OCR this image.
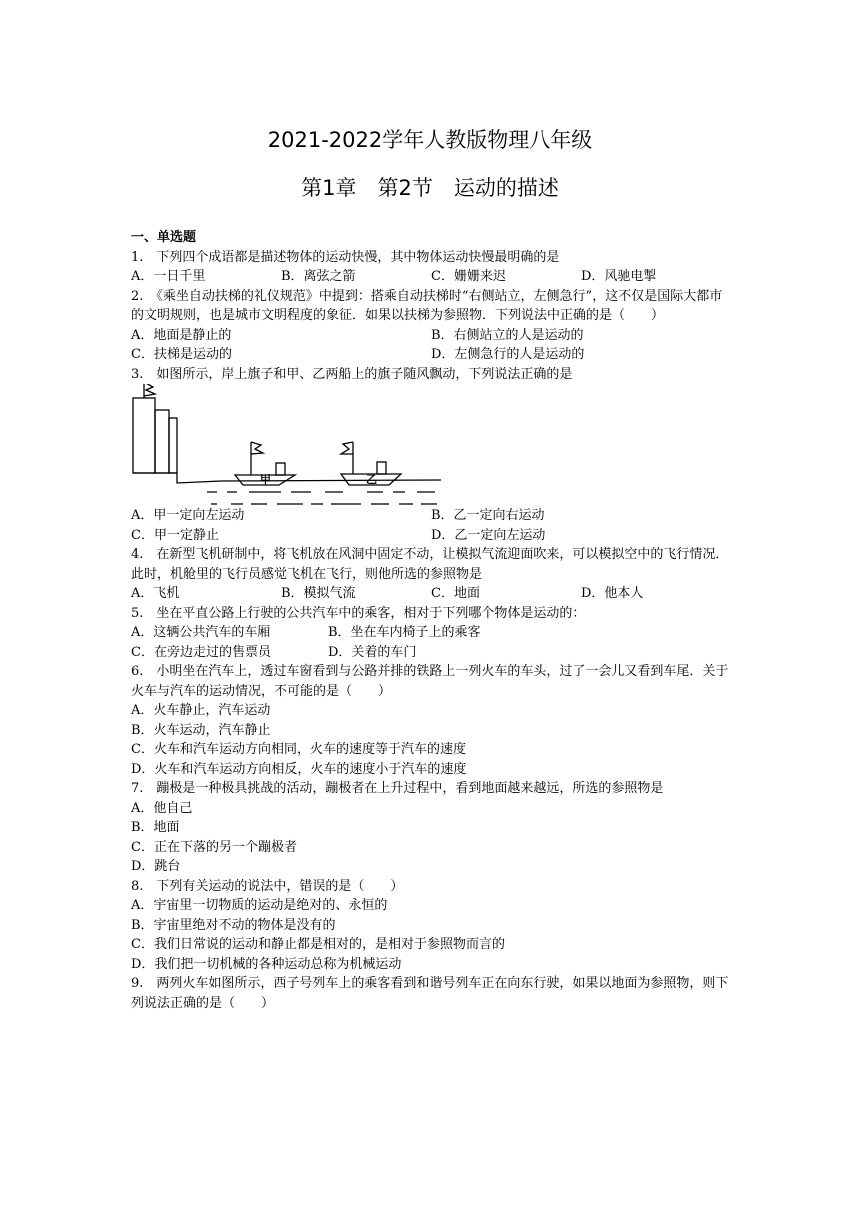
2021-2022学年人教版物理八年级
第1章　第2节　运动的描述
一、单选题

1.　下列四个成语都是描述物体的运动快慢，其中物体运动快慢最明确的是

A．一日千里	B．离弦之箭	C．姗姗来迟	D．风驰电掣

2.　《乘坐自动扶梯的礼仪规范》中提到：搭乘自动扶梯时“右侧站立，左侧急行”，这不仅是国际大都市的文明规则，也是城市文明程度的象征．如果以扶梯为参照物．下列说法中正确的是（　　）

A．地面是静止的	B．右侧站立的人是运动的
C．扶梯是运动的	D．左侧急行的人是运动的

3.　如图所示，岸上旗子和甲、乙两船上的旗子随风飘动，下列说法正确的是

甲	乙
A．甲一定向左运动	B．乙一定向右运动
C．甲一定静止	D．乙一定向左运动

4.　在新型飞机研制中，将飞机放在风洞中固定不动，让模拟气流迎面吹来，可以模拟空中的飞行情况．此时，机舱里的飞行员感觉飞机在飞行，则他所选的参照物是

A．飞机	B．模拟气流	C．地面	D．他本人

5.　坐在平直公路上行驶的公共汽车中的乘客，相对于下列哪个物体是运动的：

A．这辆公共汽车的车厢	B．坐在车内椅子上的乘客
C．在旁边走过的售票员	D．关着的车门

6.　小明坐在汽车上，透过车窗看到与公路并排的铁路上一列火车的车头，过了一会儿又看到车尾．关于火车与汽车的运动情况，不可能的是（　　）

A．火车静止，汽车运动
B．火车运动，汽车静止
C．火车和汽车运动方向相同，火车的速度等于汽车的速度
D．火车和汽车运动方向相反，火车的速度小于汽车的速度

7.　蹦极是一种极具挑战的活动，蹦极者在上升过程中，看到地面越来越远，所选的参照物是

A．他自己
B．地面
C．正在下落的另一个蹦极者
D．跳台

8.　下列有关运动的说法中，错误的是（　　）

A．宇宙里一切物质的运动是绝对的、永恒的
B．宇宙里绝对不动的物体是没有的
C．我们日常说的运动和静止都是相对的，是相对于参照物而言的
D．我们把一切机械的各种运动总称为机械运动

9.　两列火车如图所示，西子号列车上的乘客看到和谐号列车正在向东行驶，如果以地面为参照物，则下列说法正确的是（　　）
